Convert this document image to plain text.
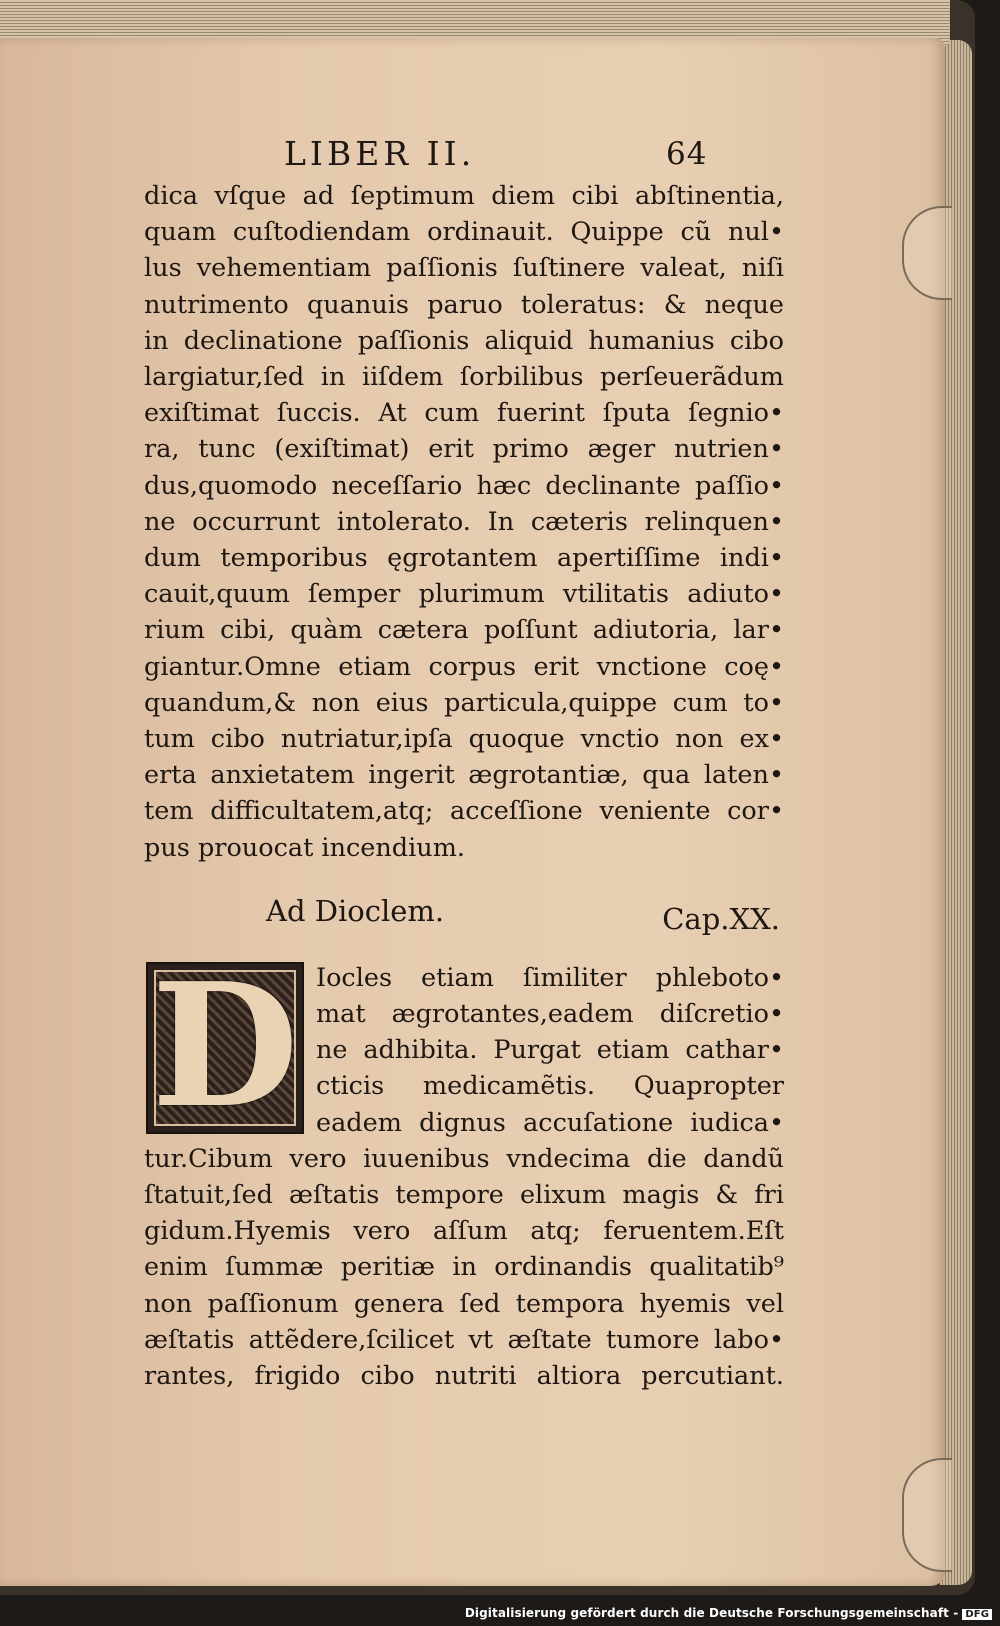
LIBER II.	64
dica vſque ad ſeptimum diem cibi abſtinentia,
quam cuſtodiendam ordinauit. Quippe cũ nul•
lus vehementiam paſſionis ſuſtinere valeat, niſi
nutrimento quanuis paruo toleratus: & neque
in declinatione paſſionis aliquid humanius cibo
largiatur,ſed in iiſdem ſorbilibus perſeuerãdum
exiſtimat ſuccis. At cum fuerint ſputa ſegnio•
ra, tunc (exiſtimat) erit primo æger nutrien•
dus,quomodo neceſſario hæc declinante paſſio•
ne occurrunt intolerato. In cæteris relinquen•
dum temporibus ęgrotantem apertiſſime indi•
cauit,quum ſemper plurimum vtilitatis adiuto•
rium cibi, quàm cætera poſſunt adiutoria, lar•
giantur.Omne etiam corpus erit vnctione coę•
quandum,& non eius particula,quippe cum to•
tum cibo nutriatur,ipſa quoque vnctio non ex•
erta anxietatem ingerit ægrotantiæ, qua laten•
tem difficultatem,atq; acceſſione veniente cor•
pus prouocat incendium.
Ad Dioclem.	Cap.XX.
D Iocles etiam ſimiliter phleboto•
mat ægrotantes,eadem diſcretio•
ne adhibita. Purgat etiam cathar•
cticis medicamẽtis. Quapropter
eadem dignus accuſatione iudica•
tur.Cibum vero iuuenibus vndecima die dandũ
ſtatuit,ſed æſtatis tempore elixum magis & fri
gidum.Hyemis vero aſſum atq; feruentem.Eſt
enim ſummæ peritiæ in ordinandis qualitatib⁹
non paſſionum genera ſed tempora hyemis vel
æſtatis attẽdere,ſcilicet vt æſtate tumore labo•
rantes, frigido cibo nutriti altiora percutiant.
Digitalisierung gefördert durch die Deutsche Forschungsgemeinschaft - DFG
